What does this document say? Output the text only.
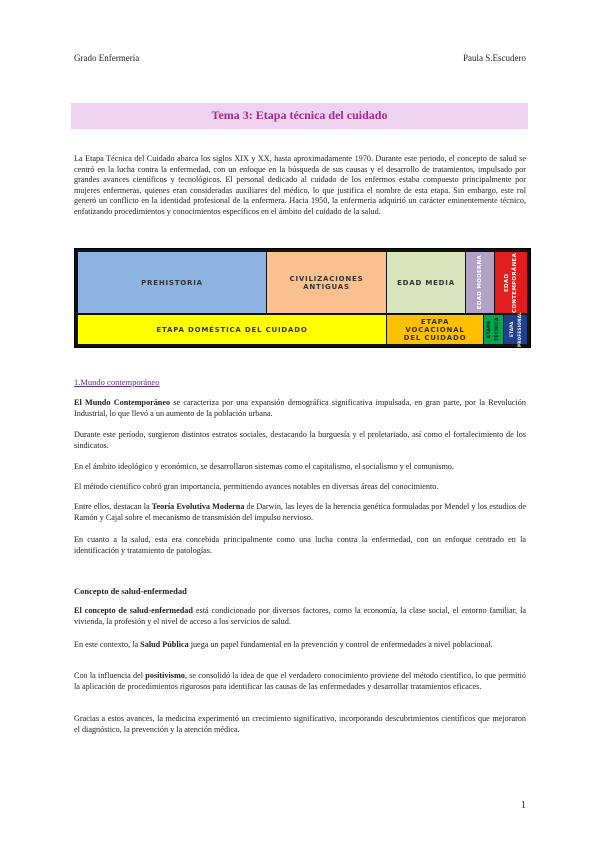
Grado Enfermería	Paula S.Escudero
Tema 3: Etapa técnica del cuidado

La Etapa Técnica del Cuidado abarca los siglos XIX y XX, hasta aproximadamente 1970. Durante este periodo, el concepto de salud se centró en la lucha contra la enfermedad, con un enfoque en la búsqueda de sus causas y el desarrollo de tratamientos, impulsado por grandes avances científicos y tecnológicos. El personal dedicado al cuidado de los enfermos estaba compuesto principalmente por mujeres enfermeras, quienes eran consideradas auxiliares del médico, lo que justifica el nombre de esta etapa. Sin embargo, este rol generó un conflicto en la identidad profesional de la enfermera. Hacia 1950, la enfermería adquirió un carácter eminentemente técnico, enfatizando procedimientos y conocimientos específicos en el ámbito del cuidado de la salud.

PREHISTORIA	CIVILIZACIONES ANTIGUAS	EDAD MEDIA	EDAD MODERNA	EDAD CONTEMPORÁNEA
ETAPA DOMÉSTICA DEL CUIDADO
ETAPA VOCACIONAL DEL CUIDADO	ETAPA TÉCNICA	ETAPA PROFESIONAL
1.Mundo contemporáneo

El Mundo Contemporáneo se caracteriza por una expansión demográfica significativa impulsada, en gran parte, por la Revolución Industrial, lo que llevó a un aumento de la población urbana.

Durante este período, surgieron distintos estratos sociales, destacando la burguesía y el proletariado, así como el fortalecimiento de los sindicatos.

En el ámbito ideológico y económico, se desarrollaron sistemas como el capitalismo, el socialismo y el comunismo.

El método científico cobró gran importancia, permitiendo avances notables en diversas áreas del conocimiento.

Entre ellos, destacan la Teoría Evolutiva Moderna de Darwin, las leyes de la herencia genética formuladas por Mendel y los estudios de Ramón y Cajal sobre el mecanismo de transmisión del impulso nervioso.

En cuanto a la salud, esta era concebida principalmente como una lucha contra la enfermedad, con un enfoque centrado en la identificación y tratamiento de patologías.

Concepto de salud-enfermedad

El concepto de salud-enfermedad está condicionado por diversos factores, como la economía, la clase social, el entorno familiar, la vivienda, la profesión y el nivel de acceso a los servicios de salud.

En este contexto, la Salud Pública juega un papel fundamental en la prevención y control de enfermedades a nivel poblacional.

Con la influencia del positivismo, se consolidó la idea de que el verdadero conocimiento proviene del método científico, lo que permitió la aplicación de procedimientos rigurosos para identificar las causas de las enfermedades y desarrollar tratamientos eficaces.

Gracias a estos avances, la medicina experimentó un crecimiento significativo, incorporando descubrimientos científicos que mejoraron el diagnóstico, la prevención y la atención médica.

1
